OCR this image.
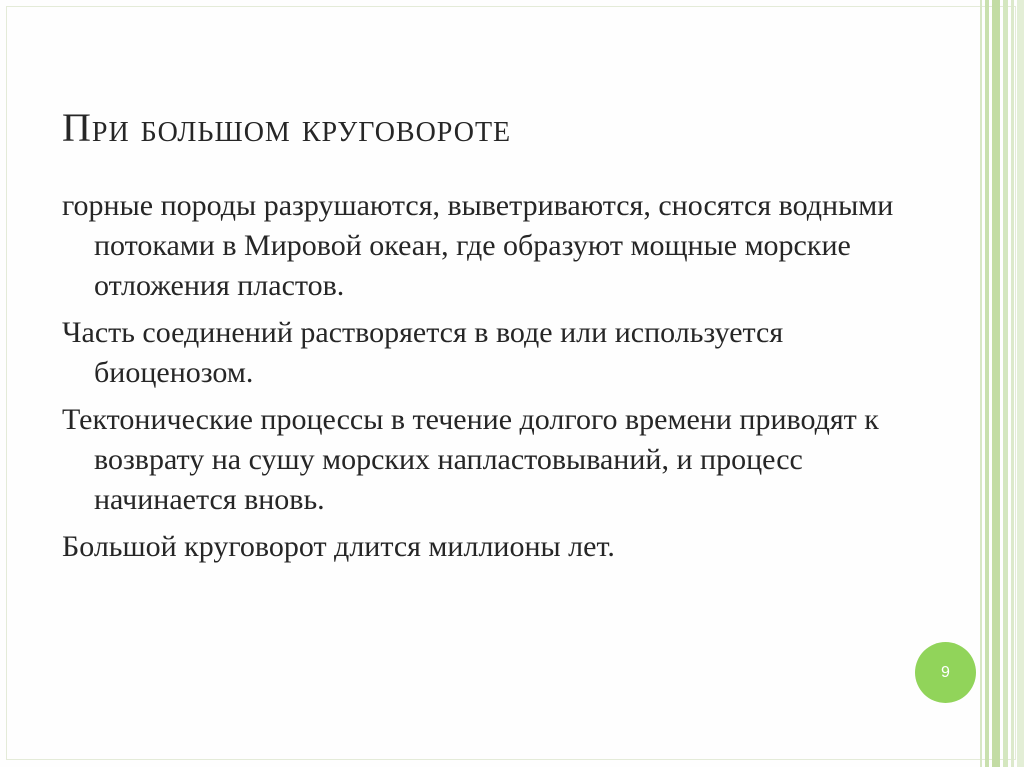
При большом круговороте
горные породы разрушаются, выветриваются, сносятся водными потоками в Мировой океан, где образуют мощные морские отложения пластов.
Часть соединений растворяется в воде или используется биоценозом.
Тектонические процессы в течение долгого времени приводят к возврату на сушу морских напластовываний, и процесс начинается вновь.
Большой круговорот длится миллионы лет.
9
